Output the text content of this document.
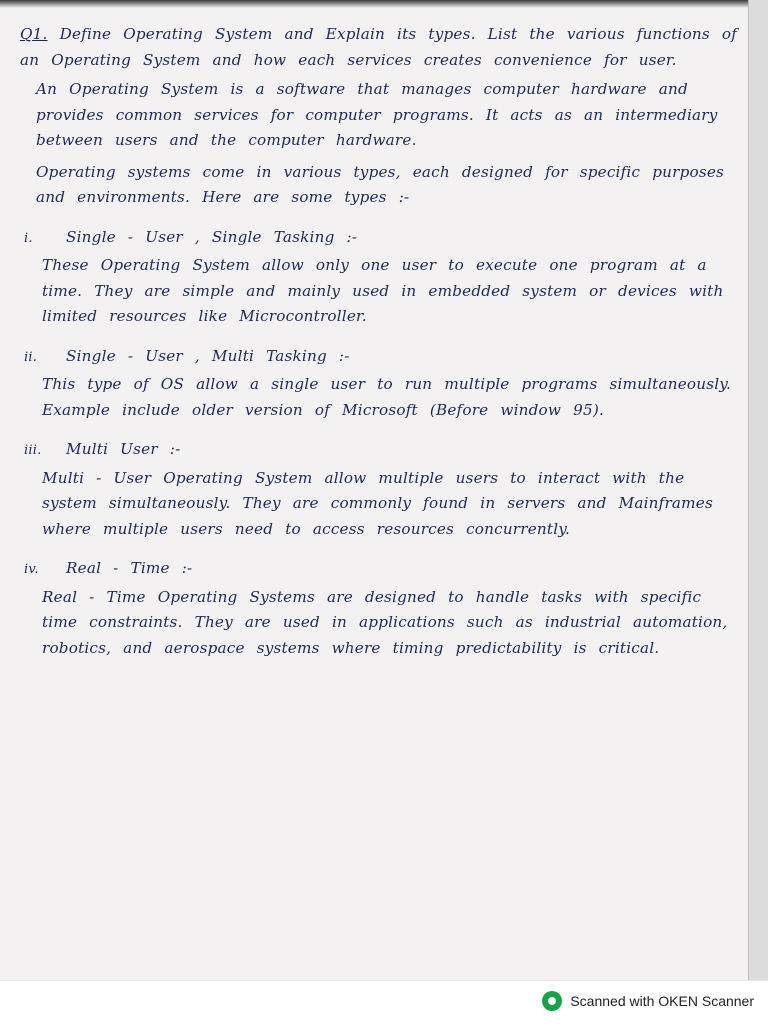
Q1. Define Operating System and Explain its types. List the various functions of an Operating System and how each services creates convenience for user.

An Operating System is a software that manages computer hardware and provides common services for computer programs. It acts as an intermediary between users and the computer hardware.

Operating systems come in various types, each designed for specific purposes and environments. Here are some types :-

i. Single - User , Single Tasking :-

These Operating System allow only one user to execute one program at a time. They are simple and mainly used in embedded system or devices with limited resources like Microcontroller.

ii. Single - User , Multi Tasking :-

This type of OS allow a single user to run multiple programs simultaneously. Example include older version of Microsoft (Before window 95).

iii. Multi User :-

Multi - User Operating System allow multiple users to interact with the system simultaneously. They are commonly found in servers and Mainframes where multiple users need to access resources concurrently.

iv. Real - Time :-

Real - Time Operating Systems are designed to handle tasks with specific time constraints. They are used in applications such as industrial automation, robotics, and aerospace systems where timing predictability is critical.

Scanned with OKEN Scanner
